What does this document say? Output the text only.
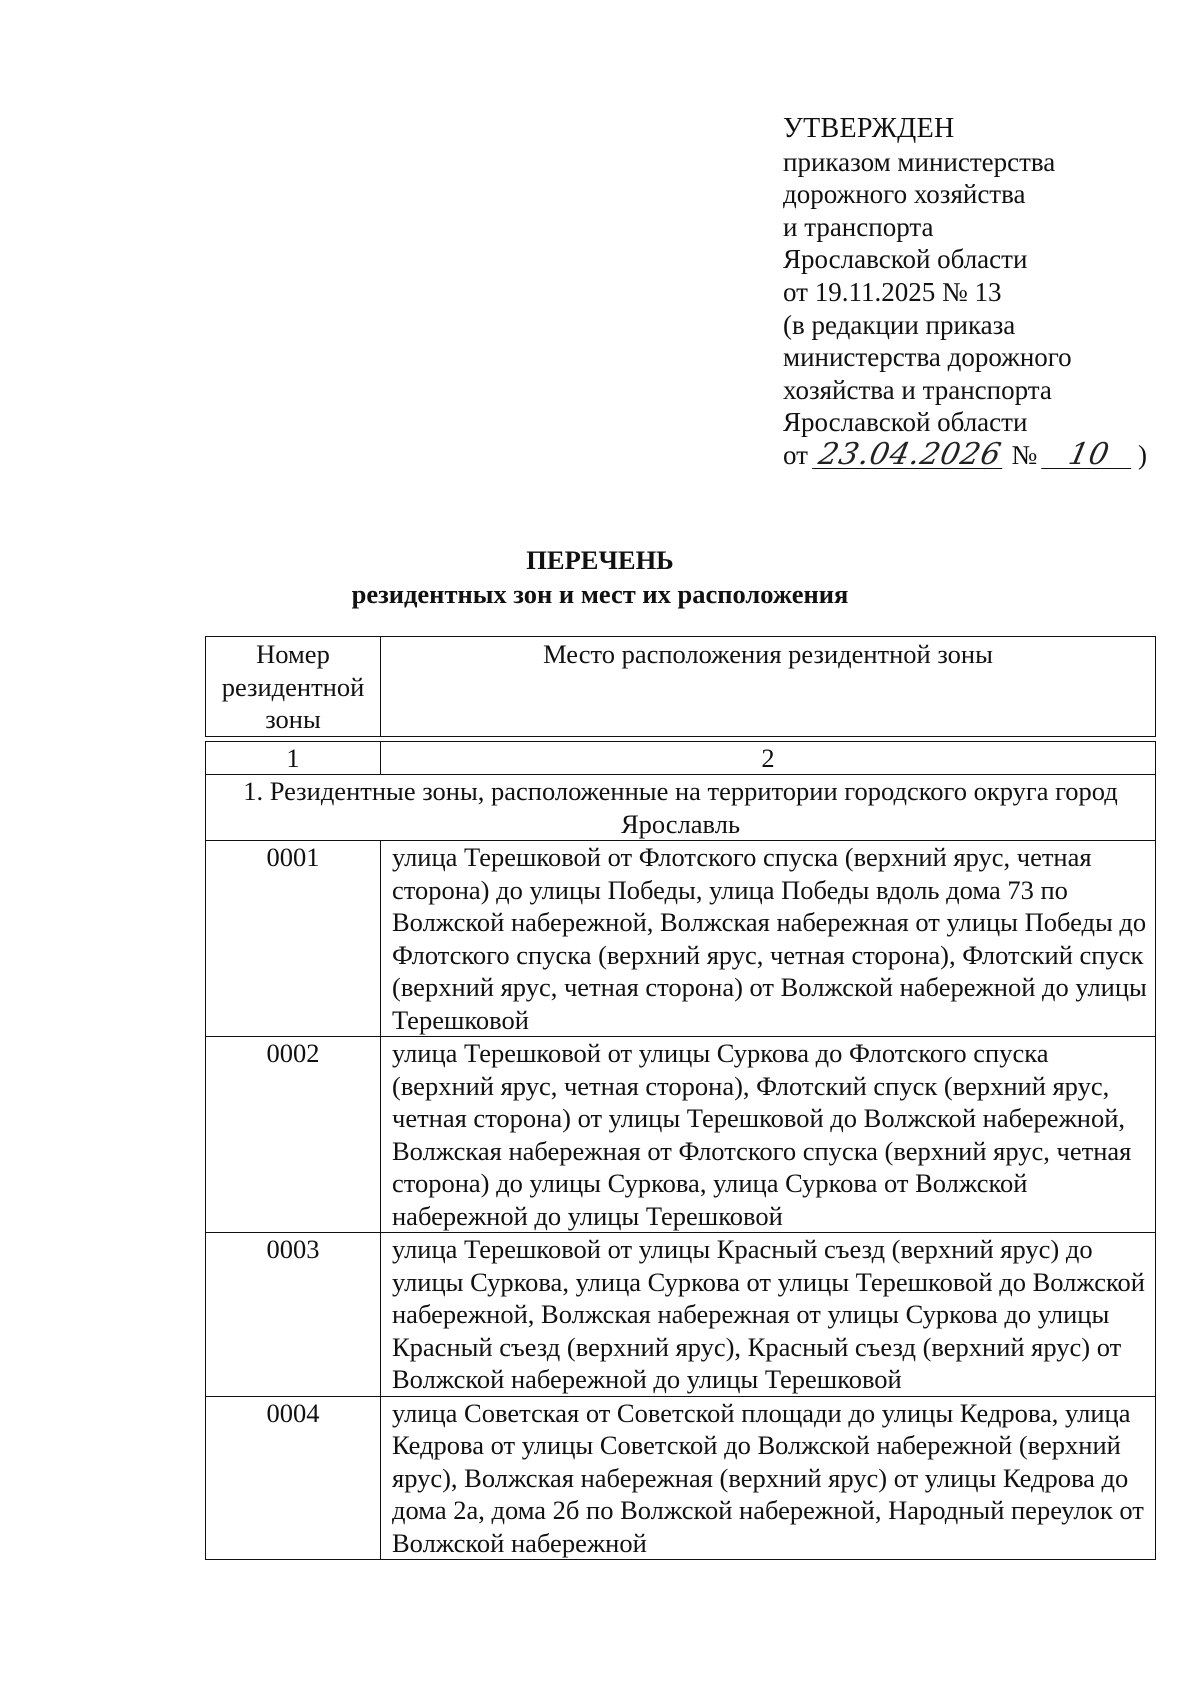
УТВЕРЖДЕН
приказом министерства
дорожного хозяйства
и транспорта
Ярославской области
от 19.11.2025 № 13
(в редакции приказа
министерства дорожного
хозяйства и транспорта
Ярославской области
от 23.04.2026 № 10 )
ПЕРЕЧЕНЬ
резидентных зон и мест их расположения
Номер резидентной зоны	Место расположения резидентной зоны

1	2
1. Резидентные зоны, расположенные на территории городского округа город Ярославль	
0001	улица Терешковой от Флотского спуска (верхний ярус, четная сторона) до улицы Победы, улица Победы вдоль дома 73 по Волжской набережной, Волжская набережная от улицы Победы до Флотского спуска (верхний ярус, четная сторона), Флотский спуск (верхний ярус, четная сторона) от Волжской набережной до улицы Терешковой
0002	улица Терешковой от улицы Суркова до Флотского спуска (верхний ярус, четная сторона), Флотский спуск (верхний ярус, четная сторона) от улицы Терешковой до Волжской набережной, Волжская набережная от Флотского спуска (верхний ярус, четная сторона) до улицы Суркова, улица Суркова от Волжской набережной до улицы Терешковой
0003	улица Терешковой от улицы Красный съезд (верхний ярус) до улицы Суркова, улица Суркова от улицы Терешковой до Волжской набережной, Волжская набережная от улицы Суркова до улицы Красный съезд (верхний ярус), Красный съезд (верхний ярус) от Волжской набережной до улицы Терешковой
0004	улица Советская от Советской площади до улицы Кедрова, улица Кедрова от улицы Советской до Волжской набережной (верхний ярус), Волжская набережная (верхний ярус) от улицы Кедрова до дома 2а, дома 2б по Волжской набережной, Народный переулок от Волжской набережной
